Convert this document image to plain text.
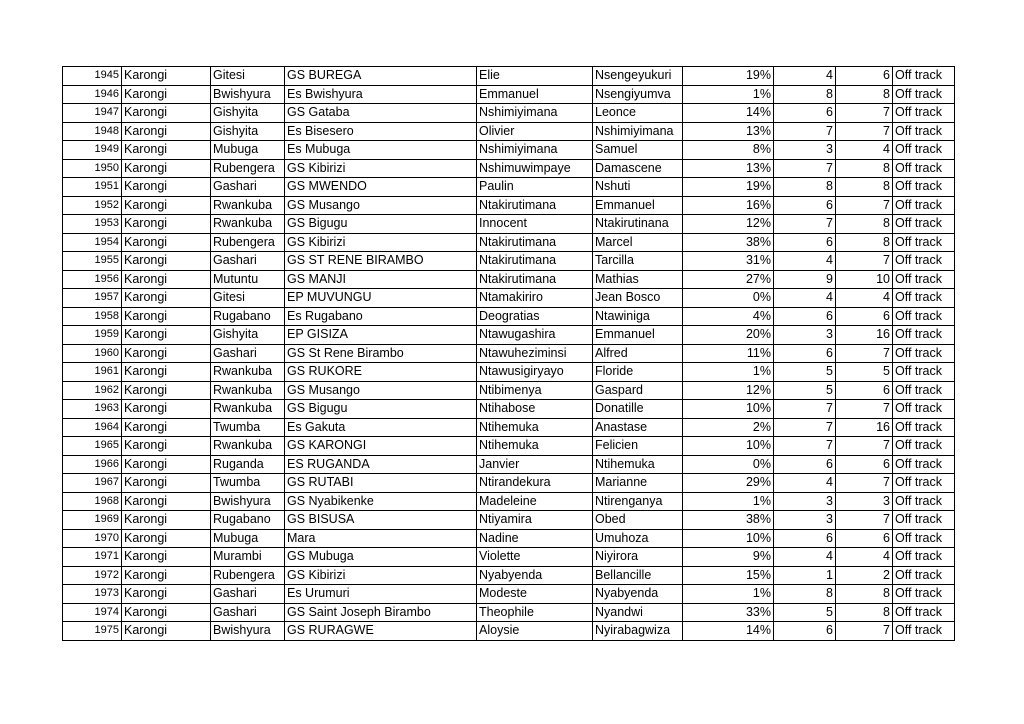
1945	Karongi	Gitesi	GS BUREGA	Elie	Nsengeyukuri	19%	4	6	Off track
1946	Karongi	Bwishyura	Es Bwishyura	Emmanuel	Nsengiyumva	1%	8	8	Off track
1947	Karongi	Gishyita	GS Gataba	Nshimiyimana	Leonce	14%	6	7	Off track
1948	Karongi	Gishyita	Es Bisesero	Olivier	Nshimiyimana	13%	7	7	Off track
1949	Karongi	Mubuga	Es Mubuga	Nshimiyimana	Samuel	8%	3	4	Off track
1950	Karongi	Rubengera	GS Kibirizi	Nshimuwimpaye	Damascene	13%	7	8	Off track
1951	Karongi	Gashari	GS MWENDO	Paulin	Nshuti	19%	8	8	Off track
1952	Karongi	Rwankuba	GS Musango	Ntakirutimana	Emmanuel	16%	6	7	Off track
1953	Karongi	Rwankuba	GS Bigugu	Innocent	Ntakirutinana	12%	7	8	Off track
1954	Karongi	Rubengera	GS Kibirizi	Ntakirutimana	Marcel	38%	6	8	Off track
1955	Karongi	Gashari	GS ST RENE BIRAMBO	Ntakirutimana	Tarcilla	31%	4	7	Off track
1956	Karongi	Mutuntu	GS MANJI	Ntakirutimana	Mathias	27%	9	10	Off track
1957	Karongi	Gitesi	EP MUVUNGU	Ntamakiriro	Jean Bosco	0%	4	4	Off track
1958	Karongi	Rugabano	Es Rugabano	Deogratias	Ntawiniga	4%	6	6	Off track
1959	Karongi	Gishyita	EP GISIZA	Ntawugashira	Emmanuel	20%	3	16	Off track
1960	Karongi	Gashari	GS St Rene Birambo	Ntawuheziminsi	Alfred	11%	6	7	Off track
1961	Karongi	Rwankuba	GS RUKORE	Ntawusigiryayo	Floride	1%	5	5	Off track
1962	Karongi	Rwankuba	GS Musango	Ntibimenya	Gaspard	12%	5	6	Off track
1963	Karongi	Rwankuba	GS Bigugu	Ntihabose	Donatille	10%	7	7	Off track
1964	Karongi	Twumba	Es Gakuta	Ntihemuka	Anastase	2%	7	16	Off track
1965	Karongi	Rwankuba	GS KARONGI	Ntihemuka	Felicien	10%	7	7	Off track
1966	Karongi	Ruganda	ES RUGANDA	Janvier	Ntihemuka	0%	6	6	Off track
1967	Karongi	Twumba	GS RUTABI	Ntirandekura	Marianne	29%	4	7	Off track
1968	Karongi	Bwishyura	GS Nyabikenke	Madeleine	Ntirenganya	1%	3	3	Off track
1969	Karongi	Rugabano	GS BISUSA	Ntiyamira	Obed	38%	3	7	Off track
1970	Karongi	Mubuga	Mara	Nadine	Umuhoza	10%	6	6	Off track
1971	Karongi	Murambi	GS Mubuga	Violette	Niyirora	9%	4	4	Off track
1972	Karongi	Rubengera	GS Kibirizi	Nyabyenda	Bellancille	15%	1	2	Off track
1973	Karongi	Gashari	Es Urumuri	Modeste	Nyabyenda	1%	8	8	Off track
1974	Karongi	Gashari	GS Saint Joseph Birambo	Theophile	Nyandwi	33%	5	8	Off track
1975	Karongi	Bwishyura	GS RURAGWE	Aloysie	Nyirabagwiza	14%	6	7	Off track
